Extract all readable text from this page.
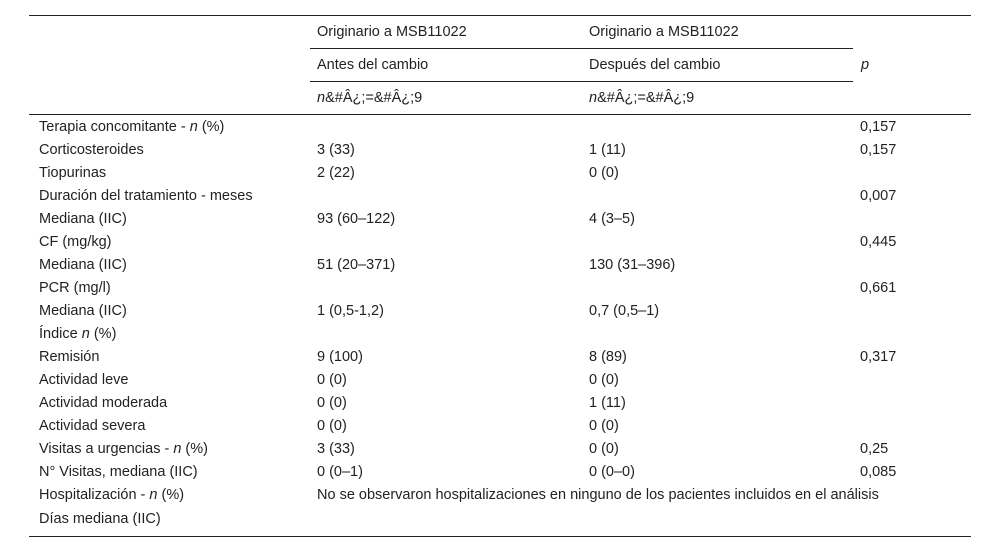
	Originario a MSB11022	Originario a MSB11022	p
	Antes del cambio	Después del cambio	
	n&#Â¿;=&#Â¿;9	n&#Â¿;=&#Â¿;9	
Terapia concomitante - n (%)			0,157
Corticosteroides	3 (33)	1 (11)	0,157
Tiopurinas	2 (22)	0 (0)	
Duración del tratamiento - meses			0,007
Mediana (IIC)	93 (60–122)	4 (3–5)	
CF (mg/kg)			0,445
Mediana (IIC)	51 (20–371)	130 (31–396)	
PCR (mg/l)			0,661
Mediana (IIC)	1 (0,5-1,2)	0,7 (0,5–1)	
Índice n (%)			
Remisión	9 (100)	8 (89)	0,317
Actividad leve	0 (0)	0 (0)	
Actividad moderada	0 (0)	1 (11)	
Actividad severa	0 (0)	0 (0)	
Visitas a urgencias - n (%)	3 (33)	0 (0)	0,25
N° Visitas, mediana (IIC)	0 (0–1)	0 (0–0)	0,085
Hospitalización - n (%)	No se observaron hospitalizaciones en ninguno de los pacientes incluidos en el análisis		
Días mediana (IIC)			
